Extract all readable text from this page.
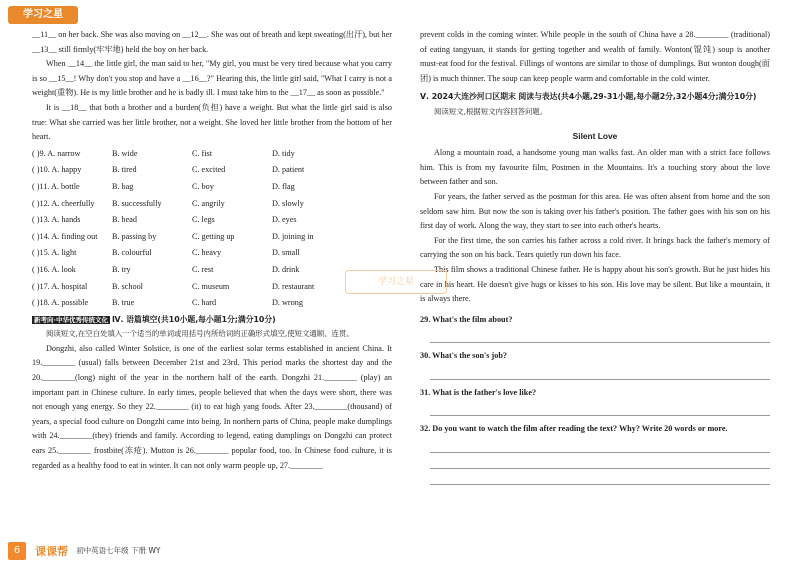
学习之星

__11__ on her back. She was also moving on __12__. She was out of breath and kept sweating(出汗), but her __13__ still firmly(牢牢地) held the boy on her back.

When __14__ the little girl, the man said to her, "My girl, you must be very tired because what you carry is so __15__! Why don't you stop and have a __16__?" Hearing this, the little girl said, "What I carry is not a weight(重物). He is my little brother and he is badly ill. I must take him to the __17__ as soon as possible."

It is __18__ that both a brother and a burden(负担) have a weight. But what the little girl said is also true: What she carried was her little brother, not a weight. She loved her little brother from the bottom of her heart.

( )9. A. narrow	B. wide	C. fist	D. tidy
( )10. A. happy	B. tired	C. excited	D. patient
( )11. A. bottle	B. bag	C. boy	D. flag
( )12. A. cheerfully	B. successfully	C. angrily	D. slowly
( )13. A. hands	B. head	C. legs	D. eyes
( )14. A. finding out	B. passing by	C. getting up	D. joining in
( )15. A. light	B. colourful	C. heavy	D. small
( )16. A. look	B. try	C. rest	D. drink
( )17. A. hospital	B. school	C. museum	D. restaurant
( )18. A. possible	B. true	C. hard	D. wrong

新考向·中华优秀传统文化 Ⅳ. 语篇填空(共10小题,每小题1分;满分10分)

阅读短文,在空白处填入一个适当的单词或用括号内所给词的正确形式填空,使短文通顺、连贯。

Dongzhi, also called Winter Solstice, is one of the earliest solar terms established in ancient China. It 19.________ (usual) falls between December 21st and 23rd. This period marks the shortest day and the 20.________(long) night of the year in the northern half of the earth. Dongzhi 21.________ (play) an important part in Chinese culture. In early times, people believed that when the days were short, there was not enough yang energy. So they 22.________ (it) to eat high yang foods. After 23.________(thousand) of years, a special food culture on Dongzhi came into being. In northern parts of China, people make dumplings with 24.________(they) friends and family. According to legend, eating dumplings on Dongzhi can protect ears 25.________ frostbite(冻疮). Mutton is 26.________ popular food, too. In Chinese food culture, it is regarded as a healthy food to eat in winter. It can not only warm people up, 27.________

prevent colds in the coming winter. While people in the south of China have a 28.________ (traditional) of eating tangyuan, it stands for getting together and wealth of family. Wonton(馄饨) soup is another must-eat food for the festival. Fillings of wontons are similar to those of dumplings. But wonton dough(面团) is much thinner. The soup can keep people warm and comfortable in the cold winter.

Ⅴ. 2024大连沙河口区期末 阅读与表达(共4小题,29-31小题,每小题2分,32小题4分;满分10分)

阅读短文,根据短文内容回答问题。

Silent Love

Along a mountain road, a handsome young man walks fast. An older man with a strict face follows him. This is from my favourite film, Postmen in the Mountains. It's a touching story about the love between father and son.

For years, the father served as the postman for this area. He was often absent from home and the son seldom saw him. But now the son is taking over his father's position. The father goes with his son on his first day of work. Along the way, they start to see into each other's hearts.

For the first time, the son carries his father across a cold river. It brings back the father's memory of carrying the son on his back. Tears quietly run down his face.

This film shows a traditional Chinese father. He is happy about his son's growth. But he just hides his care in his heart. He doesn't give hugs or kisses to his son. His love may be silent. But like a mountain, it is always there.

29. What's the film about?

30. What's the son's job?

31. What is the father's love like?

32. Do you want to watch the film after reading the text? Why? Write 20 words or more.

学习之星
6 课课帮 初中英语七年级 下册 WY
